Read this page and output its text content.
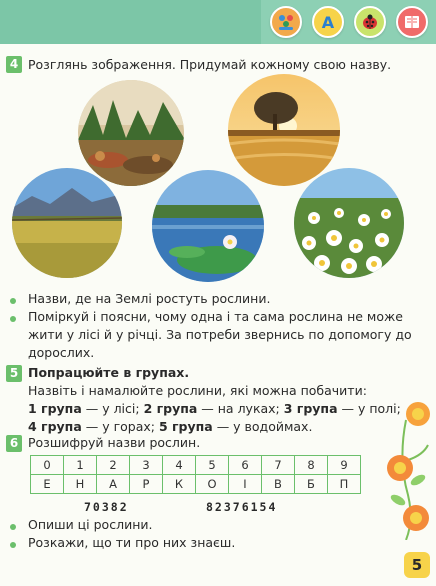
A
4 Розглянь зображення. Придумай кожному свою назву.
Назви, де на Землі ростуть рослини.
Поміркуй і поясни, чому одна і та сама рослина не може
жити у лісі й у річці. За потреби звернись по допомогу до
дорослих.
5 Попрацюйте в групах.
Назвіть і намалюйте рослини, які можна побачити:
1 група — у лісі; 2 група — на луках; 3 група — у полі;
4 група — у горах; 5 група — у водоймах.
6 Розшифруй назви рослин.
0	1	2	3	4	5	6	7	8	9
Е	Н	А	Р	К	О	І	В	Б	П
70382	82376154
Опиши ці рослини.
Розкажи, що ти про них знаєш.
5
